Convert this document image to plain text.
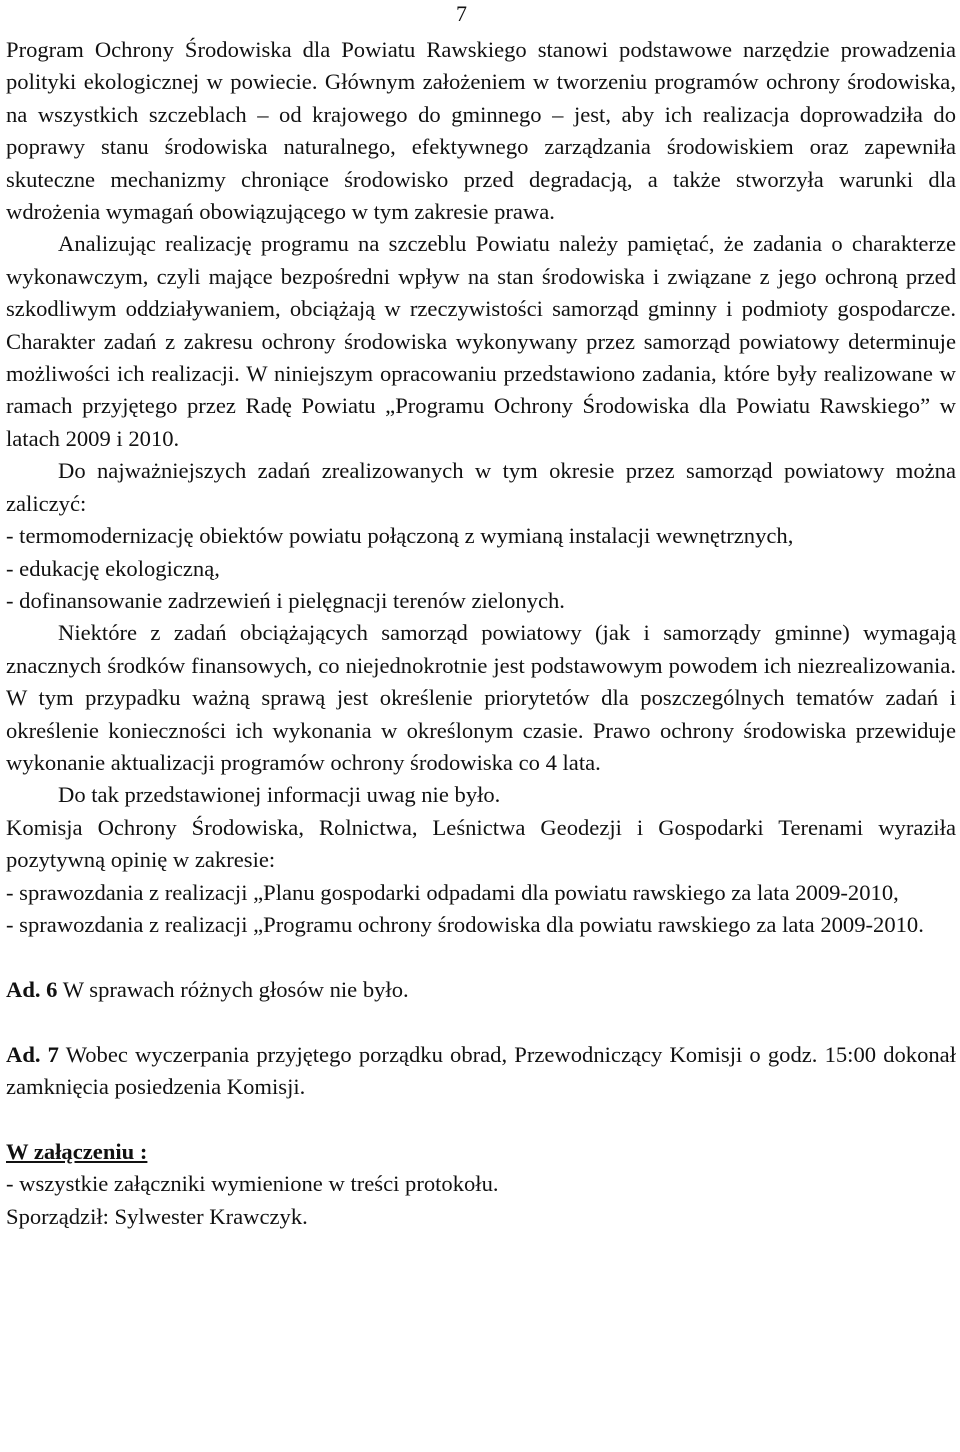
7

Program Ochrony Środowiska dla Powiatu Rawskiego stanowi podstawowe narzędzie prowadzenia polityki ekologicznej w powiecie. Głównym założeniem w tworzeniu programów ochrony środowiska, na wszystkich szczeblach – od krajowego do gminnego – jest, aby ich realizacja doprowadziła do poprawy stanu środowiska naturalnego, efektywnego zarządzania środowiskiem oraz zapewniła skuteczne mechanizmy chroniące środowisko przed degradacją, a także stworzyła warunki dla wdrożenia wymagań obowiązującego w tym zakresie prawa.

Analizując realizację programu na szczeblu Powiatu należy pamiętać, że zadania o charakterze wykonawczym, czyli mające bezpośredni wpływ na stan środowiska i związane z jego ochroną przed szkodliwym oddziaływaniem, obciążają w rzeczywistości samorząd gminny i podmioty gospodarcze. Charakter zadań z zakresu ochrony środowiska wykonywany przez samorząd powiatowy determinuje możliwości ich realizacji. W niniejszym opracowaniu przedstawiono zadania, które były realizowane w ramach przyjętego przez Radę Powiatu „Programu Ochrony Środowiska dla Powiatu Rawskiego” w latach 2009 i 2010.

Do najważniejszych zadań zrealizowanych w tym okresie przez samorząd powiatowy można zaliczyć:

- termomodernizację obiektów powiatu połączoną z wymianą instalacji wewnętrznych,

- edukację ekologiczną,

- dofinansowanie zadrzewień i pielęgnacji terenów zielonych.

Niektóre z zadań obciążających samorząd powiatowy (jak i samorządy gminne) wymagają znacznych środków finansowych, co niejednokrotnie jest podstawowym powodem ich niezrealizowania. W tym przypadku ważną sprawą jest określenie priorytetów dla poszczególnych tematów zadań i określenie konieczności ich wykonania w określonym czasie. Prawo ochrony środowiska przewiduje wykonanie aktualizacji programów ochrony środowiska co 4 lata.

Do tak przedstawionej informacji uwag nie było.

Komisja Ochrony Środowiska, Rolnictwa, Leśnictwa Geodezji i Gospodarki Terenami wyraziła pozytywną opinię w zakresie:

- sprawozdania z realizacji „Planu gospodarki odpadami dla powiatu rawskiego za lata 2009-2010,

- sprawozdania z realizacji „Programu ochrony środowiska dla powiatu rawskiego za lata 2009-2010.

Ad. 6 W sprawach różnych głosów nie było.

Ad. 7 Wobec wyczerpania przyjętego porządku obrad, Przewodniczący Komisji o godz. 15:00 dokonał zamknięcia posiedzenia Komisji.

W załączeniu :

- wszystkie załączniki wymienione w treści protokołu.

Sporządził: Sylwester Krawczyk.
